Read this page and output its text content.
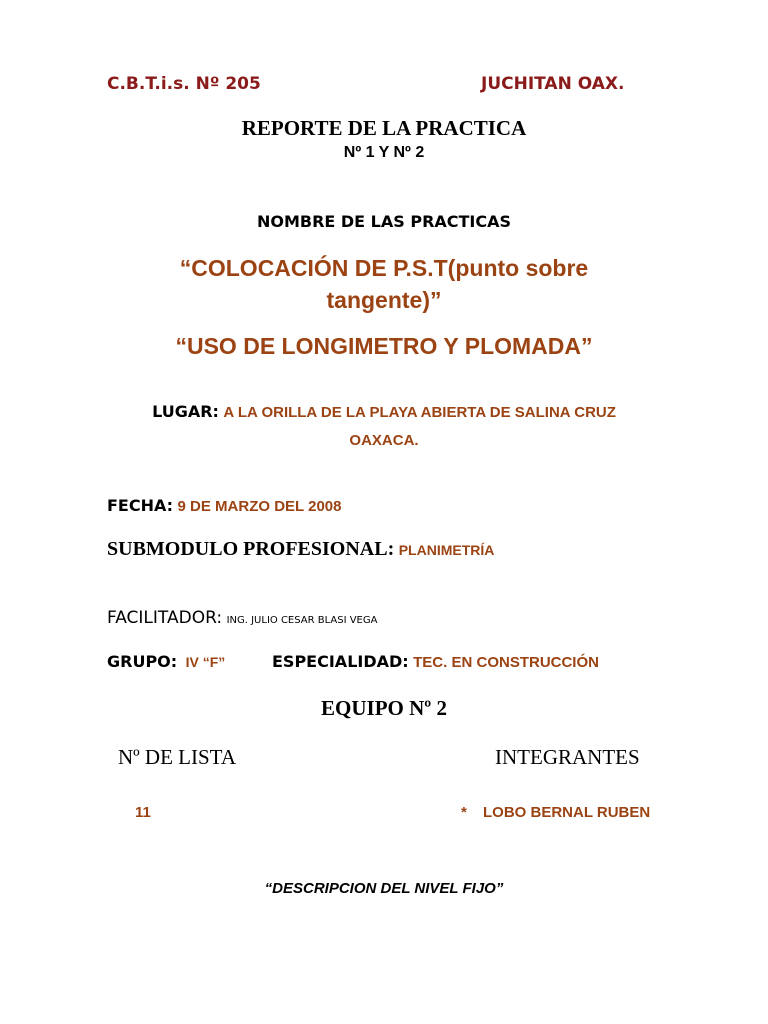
C.B.T.i.s. Nº 205	JUCHITAN OAX.
REPORTE DE LA PRACTICA
Nº 1 Y Nº 2
NOMBRE DE LAS PRACTICAS
“COLOCACIÓN DE P.S.T(punto sobre
tangente)”
“USO DE LONGIMETRO Y PLOMADA”
LUGAR: A LA ORILLA DE LA PLAYA ABIERTA DE SALINA CRUZ
OAXACA.
FECHA: 9 DE MARZO DEL 2008
SUBMODULO PROFESIONAL: PLANIMETRÍA
FACILITADOR: ING. JULIO CESAR BLASI VEGA
GRUPO: IV “F”	ESPECIALIDAD: TEC. EN CONSTRUCCIÓN
EQUIPO Nº 2
Nº DE LISTA	INTEGRANTES
11	* LOBO BERNAL RUBEN
“DESCRIPCION DEL NIVEL FIJO”
